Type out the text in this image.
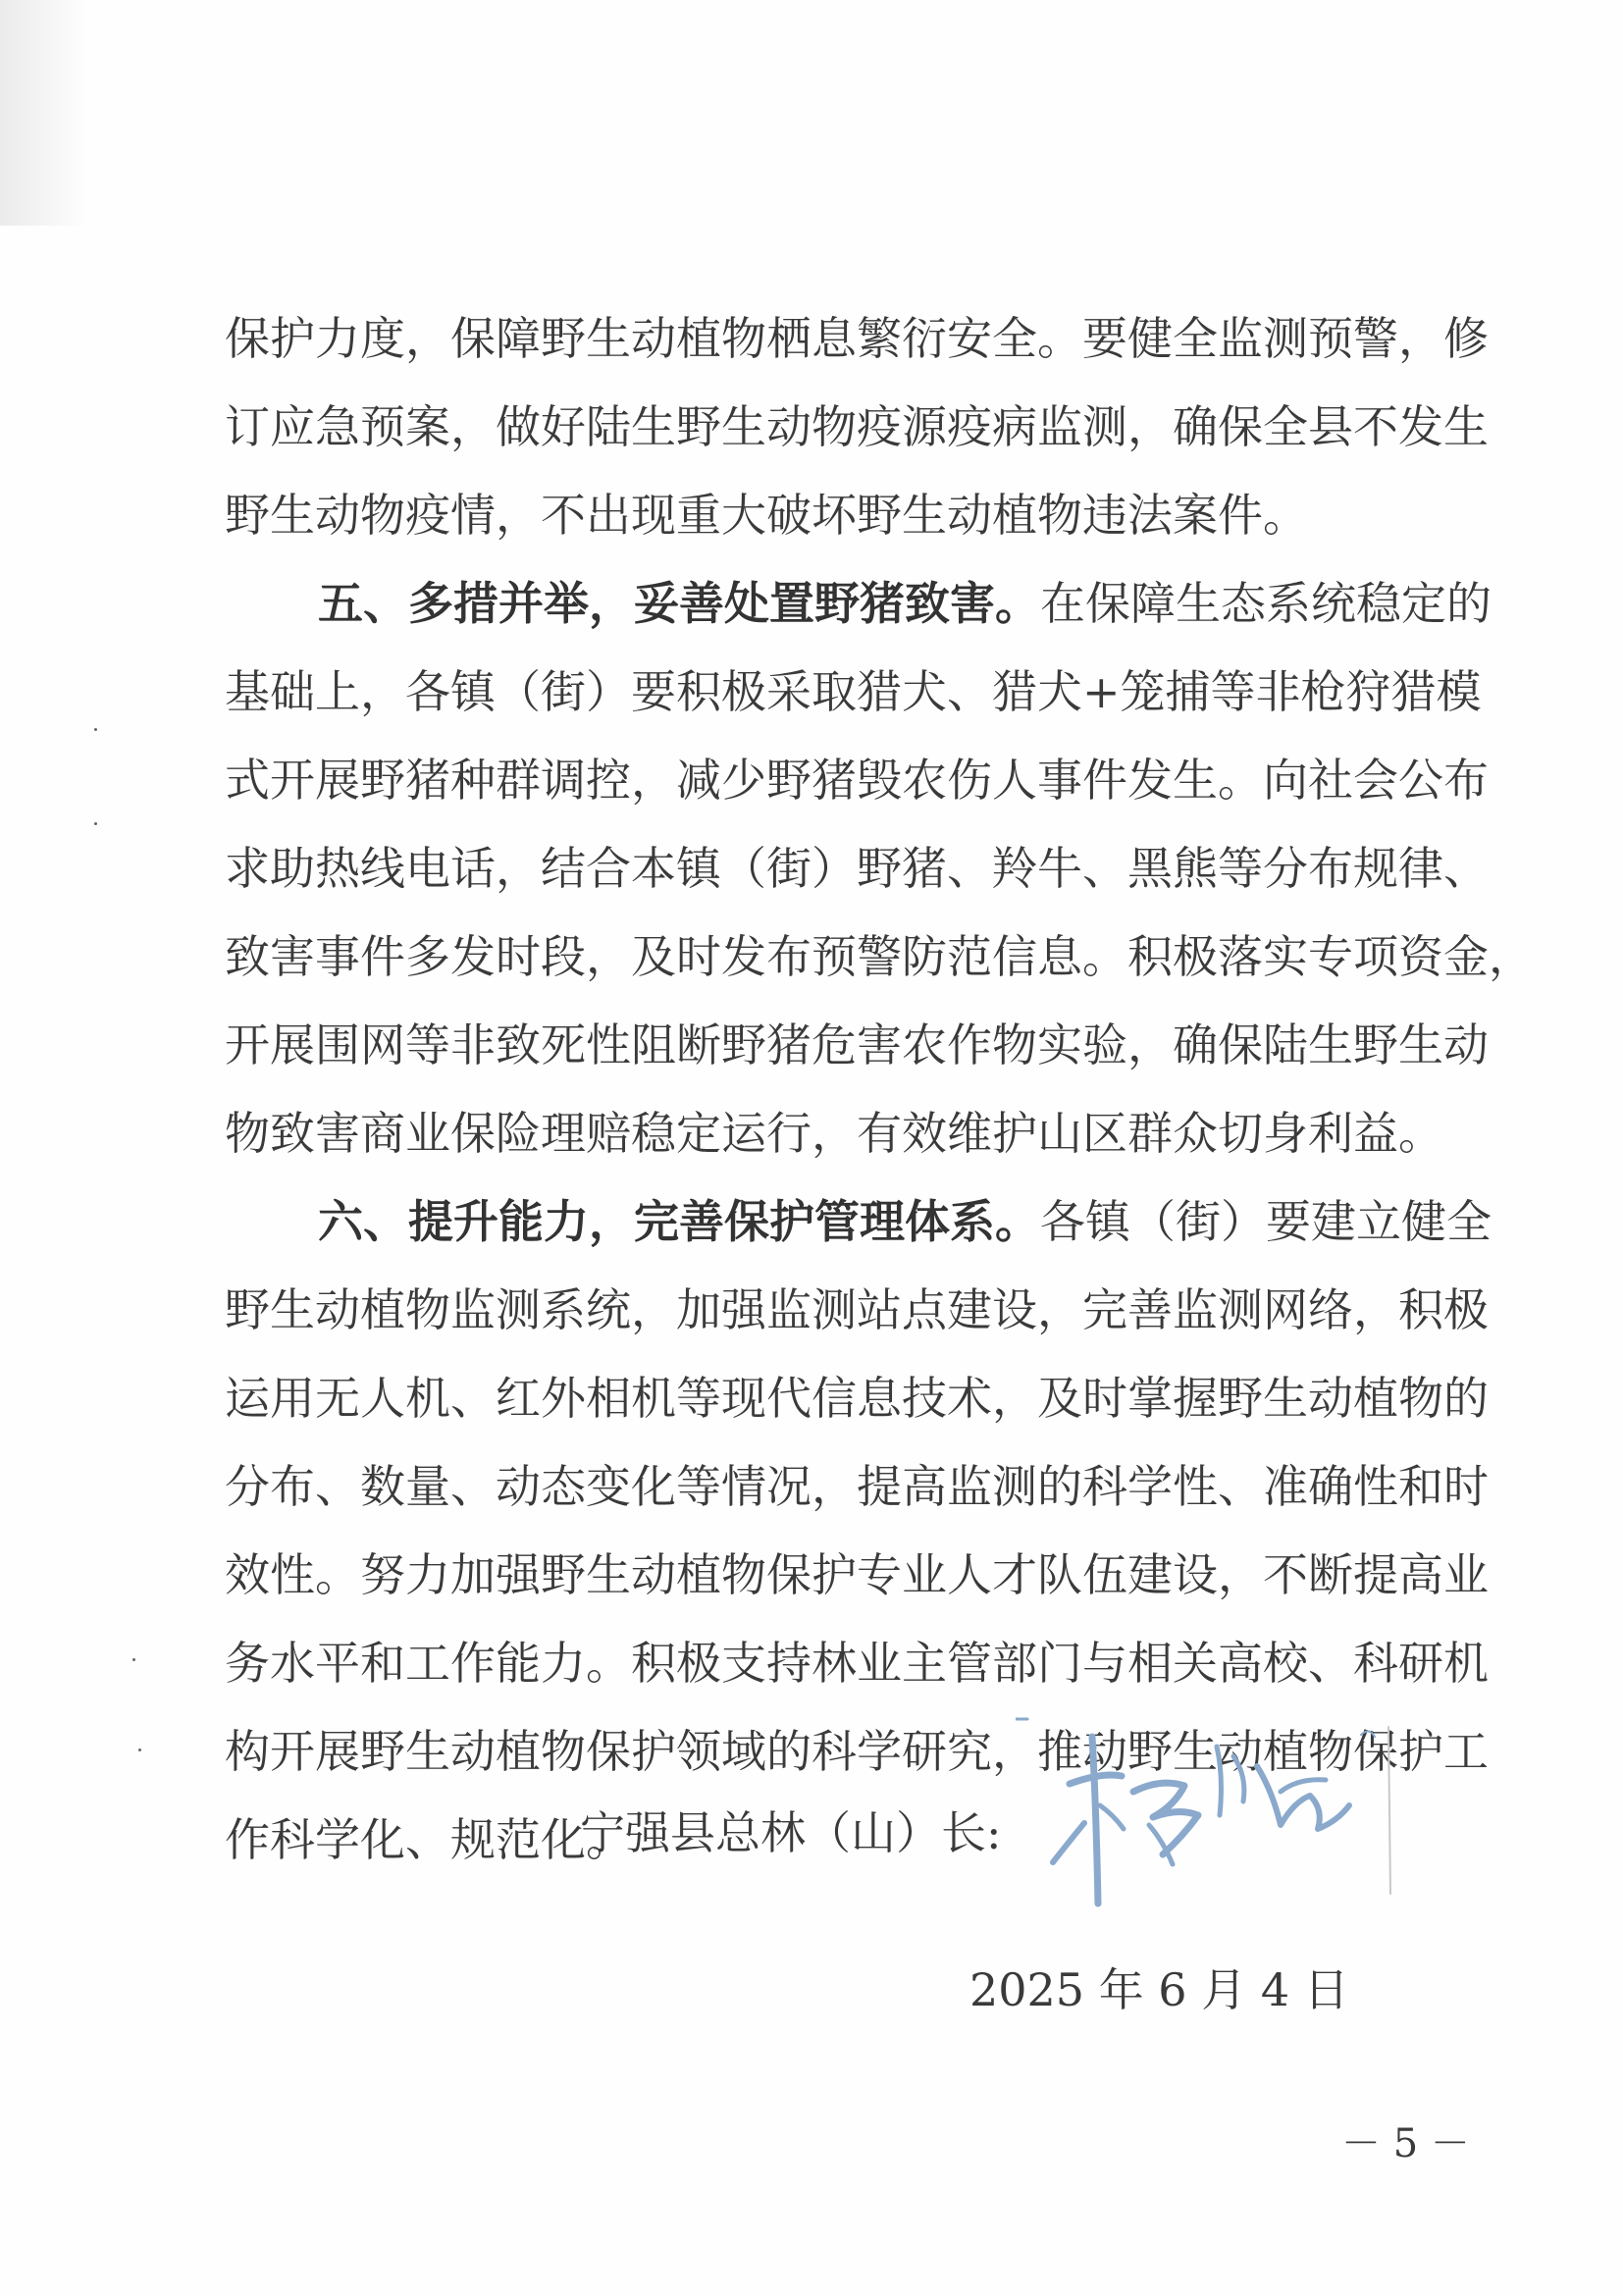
保护力度，保障野生动植物栖息繁衍安全。要健全监测预警，修
订应急预案，做好陆生野生动物疫源疫病监测，确保全县不发生
野生动物疫情，不出现重大破坏野生动植物违法案件。
五、多措并举，妥善处置野猪致害。在保障生态系统稳定的
基础上，各镇（街）要积极采取猎犬、猎犬+笼捕等非枪狩猎模
式开展野猪种群调控，减少野猪毁农伤人事件发生。向社会公布
求助热线电话，结合本镇（街）野猪、羚牛、黑熊等分布规律、
致害事件多发时段，及时发布预警防范信息。积极落实专项资金，
开展围网等非致死性阻断野猪危害农作物实验，确保陆生野生动
物致害商业保险理赔稳定运行，有效维护山区群众切身利益。
六、提升能力，完善保护管理体系。各镇（街）要建立健全
野生动植物监测系统，加强监测站点建设，完善监测网络，积极
运用无人机、红外相机等现代信息技术，及时掌握野生动植物的
分布、数量、动态变化等情况，提高监测的科学性、准确性和时
效性。努力加强野生动植物保护专业人才队伍建设，不断提高业
务水平和工作能力。积极支持林业主管部门与相关高校、科研机
构开展野生动植物保护领域的科学研究，推动野生动植物保护工
作科学化、规范化。
宁强县总林（山）长:
2025 年 6 月 4 日
－ 5 －
